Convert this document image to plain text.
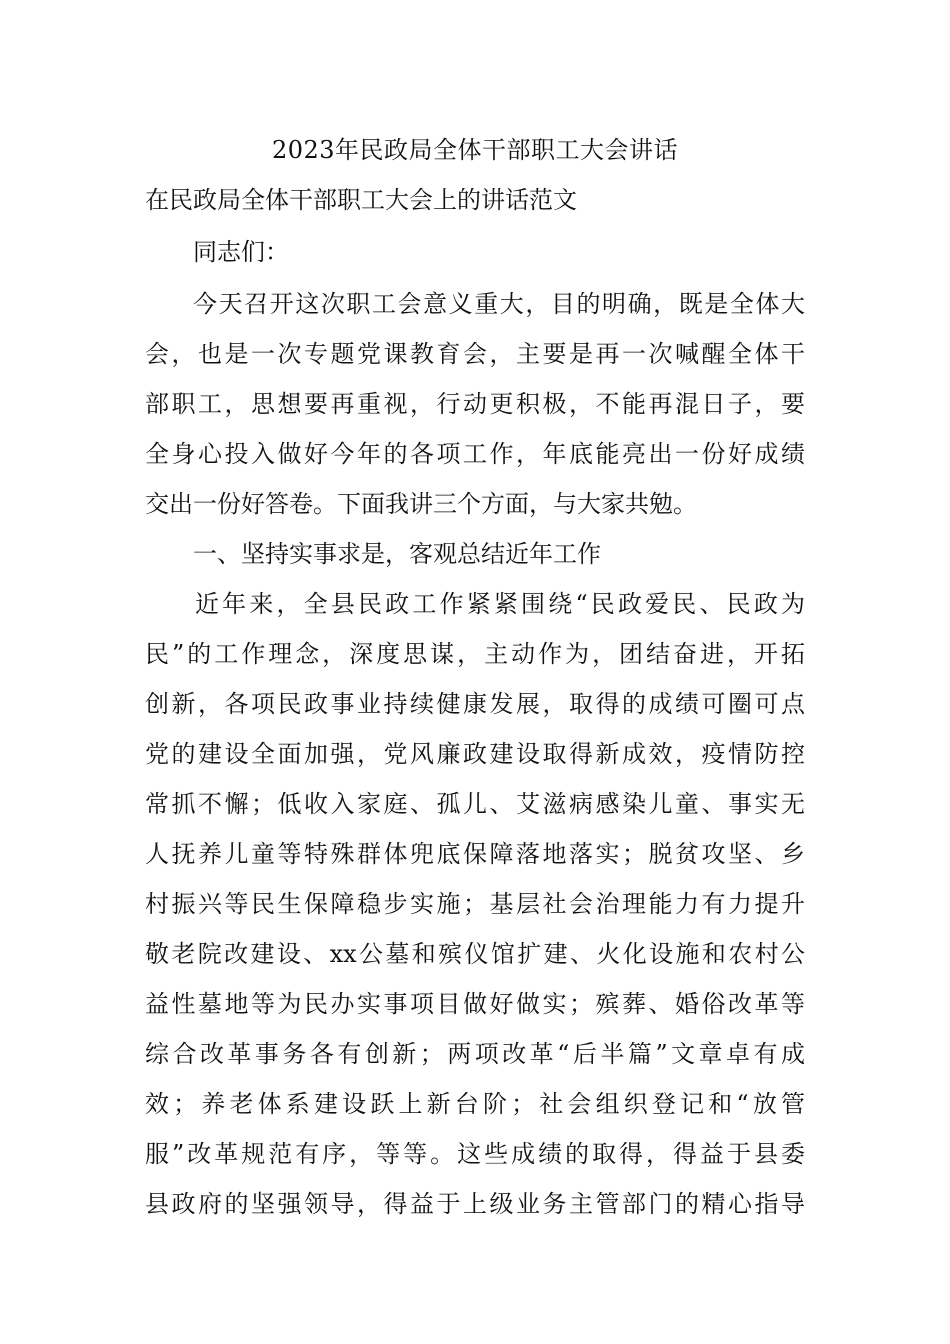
2023年民政局全体干部职工大会讲话
在民政局全体干部职工大会上的讲话范文
同志们：
今天召开这次职工会意义重大，目的明确，既是全体大
会，也是一次专题党课教育会，主要是再一次喊醒全体干
部职工，思想要再重视，行动更积极，不能再混日子，要
全身心投入做好今年的各项工作，年底能亮出一份好成绩
交出一份好答卷。下面我讲三个方面，与大家共勉。
一、坚持实事求是，客观总结近年工作
近年来，全县民政工作紧紧围绕“民政爱民、民政为
民”的工作理念，深度思谋，主动作为，团结奋进，开拓
创新，各项民政事业持续健康发展，取得的成绩可圈可点
党的建设全面加强，党风廉政建设取得新成效，疫情防控
常抓不懈；低收入家庭、孤儿、艾滋病感染儿童、事实无
人抚养儿童等特殊群体兜底保障落地落实；脱贫攻坚、乡
村振兴等民生保障稳步实施；基层社会治理能力有力提升
敬老院改建设、xx公墓和殡仪馆扩建、火化设施和农村公
益性墓地等为民办实事项目做好做实；殡葬、婚俗改革等
综合改革事务各有创新；两项改革“后半篇”文章卓有成
效；养老体系建设跃上新台阶；社会组织登记和“放管
服”改革规范有序，等等。这些成绩的取得，得益于县委
县政府的坚强领导，得益于上级业务主管部门的精心指导
